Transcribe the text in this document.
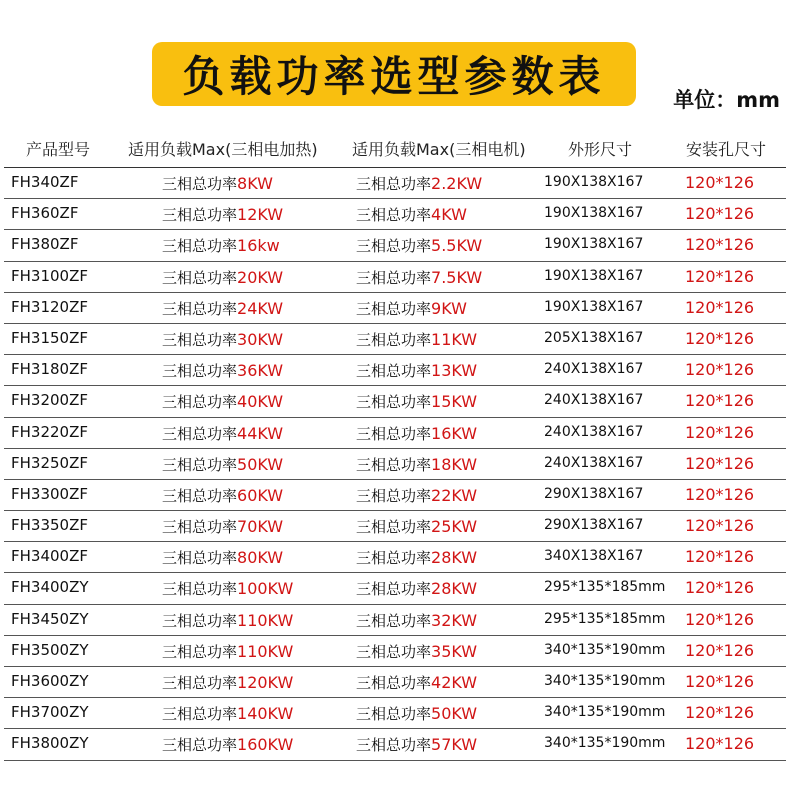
负载功率选型参数表	单位：mm
产品型号 适用负载Max(三相电加热) 适用负载Max(三相电机)	外形尺寸	安装孔尺寸
FH340ZF	三相总功率8KW	三相总功率2.2KW	190X138X167	120*126
FH360ZF	三相总功率12KW	三相总功率4KW	190X138X167	120*126
FH380ZF	三相总功率16kw	三相总功率5.5KW	190X138X167	120*126
FH3100ZF	三相总功率20KW	三相总功率7.5KW	190X138X167	120*126
FH3120ZF	三相总功率24KW	三相总功率9KW	190X138X167	120*126
FH3150ZF	三相总功率30KW	三相总功率11KW	205X138X167	120*126
FH3180ZF	三相总功率36KW	三相总功率13KW	240X138X167	120*126
FH3200ZF	三相总功率40KW	三相总功率15KW	240X138X167	120*126
FH3220ZF	三相总功率44KW	三相总功率16KW	240X138X167	120*126
FH3250ZF	三相总功率50KW	三相总功率18KW	240X138X167	120*126
FH3300ZF	三相总功率60KW	三相总功率22KW	290X138X167	120*126
FH3350ZF	三相总功率70KW	三相总功率25KW	290X138X167	120*126
FH3400ZF	三相总功率80KW	三相总功率28KW	340X138X167	120*126
FH3400ZY	三相总功率100KW	三相总功率28KW	295*135*185mm 120*126
FH3450ZY	三相总功率110KW	三相总功率32KW	295*135*185mm 120*126
FH3500ZY	三相总功率110KW	三相总功率35KW	340*135*190mm 120*126
FH3600ZY	三相总功率120KW	三相总功率42KW	340*135*190mm 120*126
FH3700ZY	三相总功率140KW	三相总功率50KW	340*135*190mm 120*126
FH3800ZY	三相总功率160KW	三相总功率57KW	340*135*190mm 120*126
